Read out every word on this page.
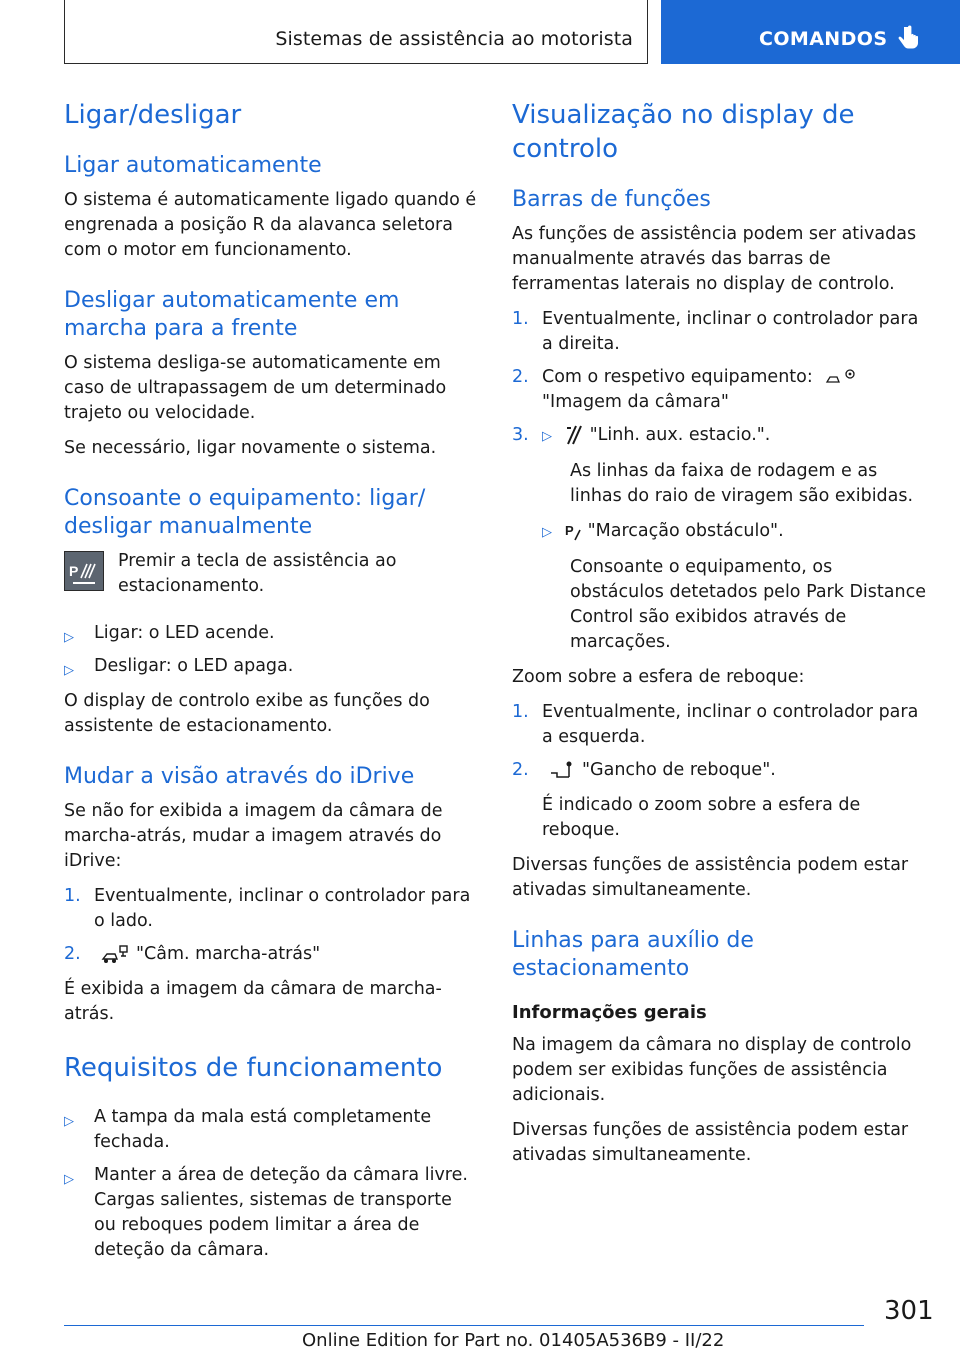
Sistemas de assistência ao motorista	COMANDOS
Ligar/desligar
Ligar automaticamente

O sistema é automaticamente ligado quando é engrenada a posição R da alavanca seletora com o motor em funcionamento.

Desligar automaticamente em marcha para a frente

O sistema desliga-se automaticamente em caso de ultrapassagem de um determinado trajeto ou velocidade.

Se necessário, ligar novamente o sistema.

Consoante o equipamento: ligar/ desligar manualmente
P Premir a tecla de assistência ao estacionamento.

▷ Ligar: o LED acende.
▷ Desligar: o LED apaga.

O display de controlo exibe as funções do assistente de estacionamento.

Mudar a visão através do iDrive

Se não for exibida a imagem da câmara de marcha-atrás, mudar a imagem através do iDrive:

1. Eventualmente, inclinar o controlador para o lado.
2.	"Câm. marcha-atrás"

É exibida a imagem da câmara de marcha-atrás.

Requisitos de funcionamento
▷ A tampa da mala está completamente fechada.
▷ Manter a área de deteção da câmara livre. Cargas salientes, sistemas de transporte ou reboques podem limitar a área de deteção da câmara.
Visualização no display de controlo
Barras de funções

As funções de assistência podem ser ativadas manualmente através das barras de ferramentas laterais no display de controlo.

1. Eventualmente, inclinar o controlador para a direita.
2. Com o respetivo equipamento:
"Imagem da câmara"
3. ▷ "Linh. aux. estacio.".
As linhas da faixa de rodagem e as linhas do raio de viragem são exibidas.
▷ P "Marcação obstáculo".
Consoante o equipamento, os obstáculos detetados pelo Park Distance Control são exibidos através de marcações.

Zoom sobre a esfera de reboque:

1. Eventualmente, inclinar o controlador para a esquerda.
2.	"Gancho de reboque".
É indicado o zoom sobre a esfera de reboque.

Diversas funções de assistência podem estar ativadas simultaneamente.

Linhas para auxílio de estacionamento
Informações gerais

Na imagem da câmara no display de controlo podem ser exibidas funções de assistência adicionais.

Diversas funções de assistência podem estar ativadas simultaneamente.

301
Online Edition for Part no. 01405A536B9 - II/22
